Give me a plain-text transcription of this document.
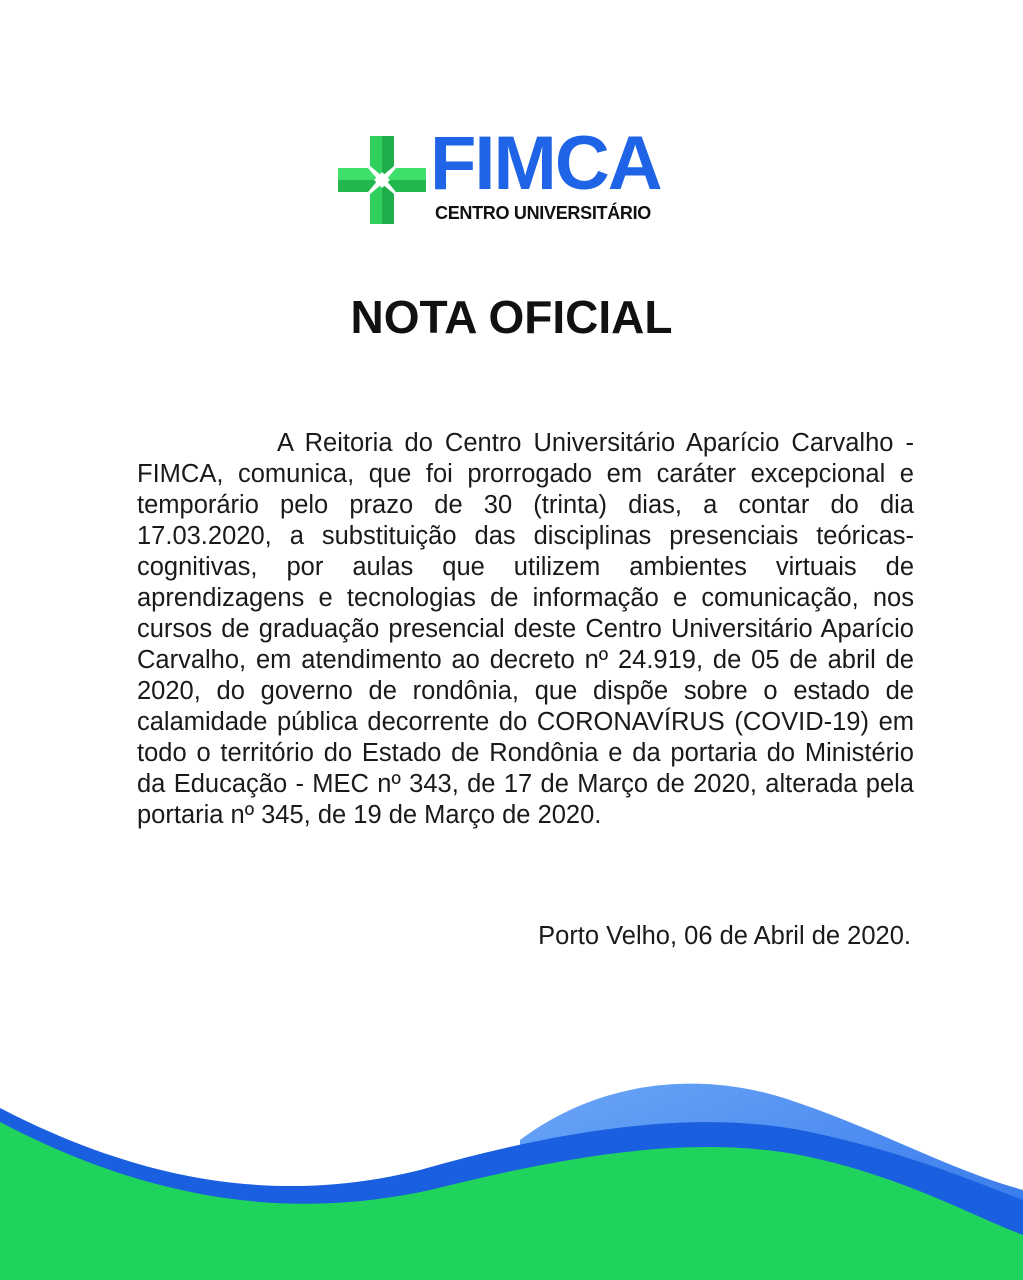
FIMCA
CENTRO UNIVERSITÁRIO
NOTA OFICIAL

A Reitoria do Centro Universitário Aparício Carvalho - FIMCA, comunica, que foi prorrogado em caráter excepcional e temporário pelo prazo de 30 (trinta) dias, a contar do dia 17.03.2020, a substituição das disciplinas presenciais teóricas-cognitivas, por aulas que utilizem ambientes virtuais de aprendizagens e tecnologias de informação e comunicação, nos cursos de graduação presencial deste Centro Universitário Aparício Carvalho, em atendimento ao decreto nº 24.919, de 05 de abril de 2020, do governo de rondônia, que dispõe sobre o estado de calamidade pública decorrente do CORONAVÍRUS (COVID-19) em todo o território do Estado de Rondônia e da portaria do Ministério da Educação - MEC nº 343, de 17 de Março de 2020, alterada pela portaria nº 345, de 19 de Março de 2020.

Porto Velho, 06 de Abril de 2020.
